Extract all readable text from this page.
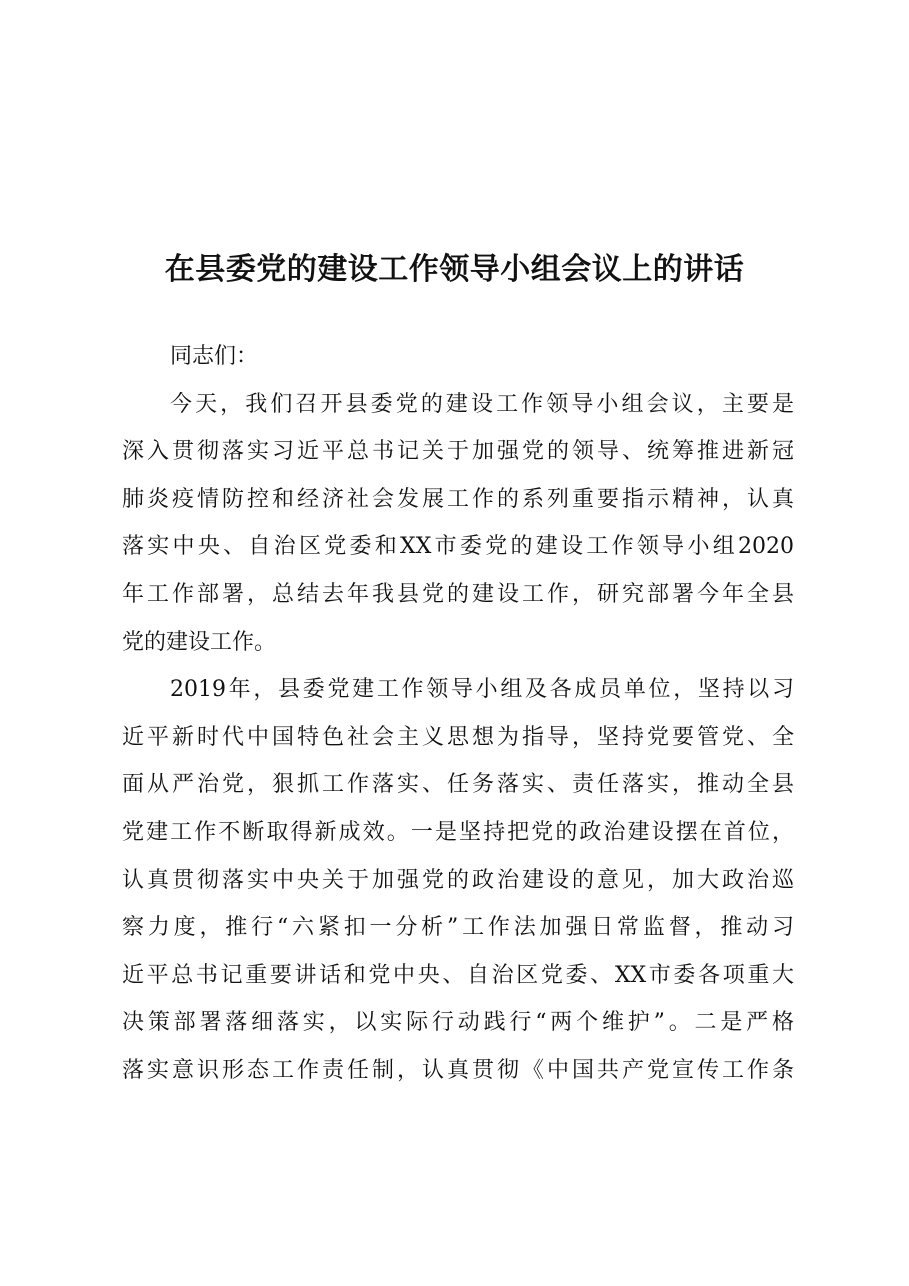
在县委党的建设工作领导小组会议上的讲话
同志们：
今天，我们召开县委党的建设工作领导小组会议，主要是
深入贯彻落实习近平总书记关于加强党的领导、统筹推进新冠
肺炎疫情防控和经济社会发展工作的系列重要指示精神，认真
落实中央、自治区党委和XX市委党的建设工作领导小组2020
年工作部署，总结去年我县党的建设工作，研究部署今年全县
党的建设工作。
2019年，县委党建工作领导小组及各成员单位，坚持以习
近平新时代中国特色社会主义思想为指导，坚持党要管党、全
面从严治党，狠抓工作落实、任务落实、责任落实，推动全县
党建工作不断取得新成效。一是坚持把党的政治建设摆在首位，
认真贯彻落实中央关于加强党的政治建设的意见，加大政治巡
察力度，推行“六紧扣一分析”工作法加强日常监督，推动习
近平总书记重要讲话和党中央、自治区党委、XX市委各项重大
决策部署落细落实，以实际行动践行“两个维护”。二是严格
落实意识形态工作责任制，认真贯彻《中国共产党宣传工作条
